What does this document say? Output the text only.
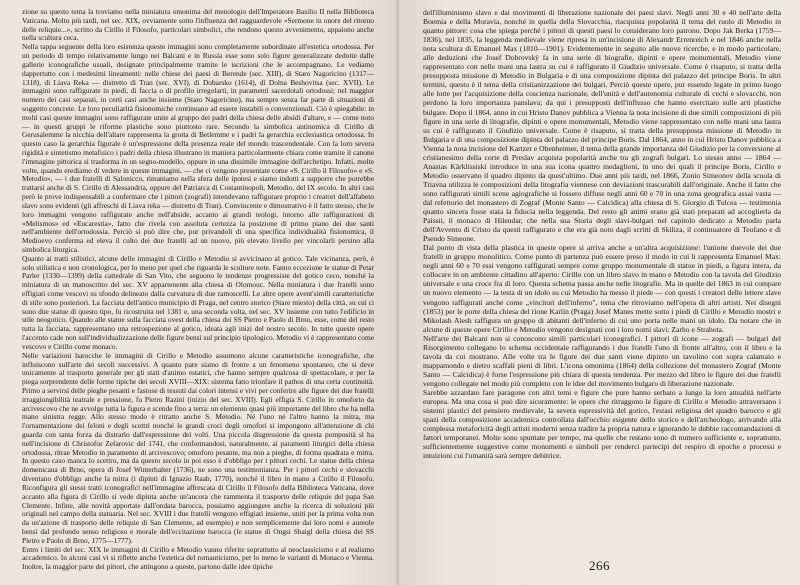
zione su questo tema la troviamo nella miniatura omonima del menologio dell'Imperatore Basilio II nella Biblioteca Vaticana. Molto più tardi, nel sec. XIX, ovviamente sotto l'influenza del ragguardevole «Sermone in onore del ritorno delle reliquie...», scritto da Cirillo il Filosofo, particolari simbolici, che rendono questo avvenimento, appaiono anche nella scultura ceca.

Nella tappa seguente della loro esistenza queste immagini sono completamente subordinate all'estetica ortodossa. Per un periodo di tempo relativamente lungo nei Balcani e in Russia esse sono solo figure generalizzate dedotte dalle gallerie iconografiche usuali, designate principalmente tramite le iscrizioni che le accompagnano. Le vediamo dappertutto con i medesimi lineamenti: nelle chiese dei paesi di Berende (sec. XIII), di Staro Nagoricino (1317—1318), di Liava Reka — distretto di Tran (sec. XVI), di Dobarsko (1614), di Dolna Beshovitsa (sec. XVII). Le immagini sono raffigurate in piedi, di faccia o di profilo irregolarti, in paramenti sacerdotali ortodossi; nel maggior numero dei casi separati, in certi casi anche insieme (Staro Nagoricino), ma sempre senza far parte di situazioni di soggetto concrete. Le loro peculiarità fisionomiche continuano ad essere instabili o convenzionali. Ciò è spiegabile: in molti casi queste immagini sono raffigurate unite al gruppo dei padri della chiesa delle absidi d'altare, e — come noto — in questi gruppi le riforme plastiche sono piuttosto rare. Secondo la simbolica antinomica di Cirillo di Gerusalemme la nicchia dell'altare rappresenta la grotta di Betlemme e i padri la gerarchia ecclesiastica ortodossa. In questo caso la gerarchia figurale è un'espressione della presenza reale del mondo trascendentale. Con la loro severa rigidità e sintetismo metafisico i padri della chiesa illustrano in maniera particolarmente chiara come tramite il canone l'immagine pittorica si trasforma in un segno-modello, oppure in una dissimile immagine dell'archetipo. Infatti, molte volte, quando erediamo di vedere in queste immagini, — che ci vengono presentate come «S. Cirillo il Filosofo» e «S. Metodio», — i due fratelli di Salonicco, rimaniamo nella sfera delle ipotesi e siamo indotti a supporre che potrebbe trattarsi anche di S. Cirillo di Alessandria, oppure del Patriarca di Costantinopoli, Metodio, del IX secolo. In altri casi però le prove indispensabili a confermare che i pittori (zografi) intendevano raffigurare proprio i creatori dell'alfabeto slavo sono evidenti (gli affreschi di Liava reka — distretto di Tran). Convincente e dimostrativo è il fatto stesso, che le loro immagini vengono raffigurate anche nell'abside, accanto ai grandi teologi, intorno alle raffigurazioni di «Melismos» ed «Eucarestia», fatto che rivela con assoluta certezza la posizione di primo piano dei due santi nell'ambiente dell'ortodossia. Perciò si può dire che, pur privandoli di una specifica individualità fisionomica, il Medioevo conferma ed eleva il culto dei due fratelli ad un nuovo, più elevato livello per vincolarli persino alla simbolica liturgica.

Quanto ai tratti stilistici, alcune delle immagini di Cirillo e Metodio si avvicinano al gotico. Tale vicinanza, però, è solo stilistica e non cronologica, per lo meno per quel che riguarda le sculture note. Fanno eccezione le statue di Petar Parler (1330—1399) della cattedrale di San Vito, che seguono le tendenze progressiste del gotico ceco, nonché la miniatura di un manoscritto del sec. XV appartenente alla chiesa di Olomouc. Nella miniatura i due fratelli sono effigiati come vescovi su sfondo delineato dalla curvatura di due ramoscelli. Le altre opere avent'simili caratteristiche di stile sono posteriori. La facciata dell'antico municipio di Praga, nel centro storico (Stare miesto) della città, su cui ci sono due statue di questo tipo, fu ricostruita nel 1381 e, una seconda volta, nel sec. XV insieme con tutto l'edificio in stile neogotico. Quando alle statue sulla facciata ovest della chiesa dei SS Pietro e Paolo di Brno, esse, come del resto tutta la facciata, rappresentano una retrospezione al gotico, ideata agli inizi del nostro secolo. In tutte queste opere l'accento cade non sull'individualizzazione delle figure bensì sul principio tipologico. Metodio vi è rappresentato come vescovo e Cirillo come monaco.

Nelle variazioni barocche le immagini di Cirillo e Metodio assumono alcune caratteristiche iconografiche, che influiscono sull'arte dei secoli successivi. A quanto pare siamo di fronte a un fenomeno spontaneo, che si deve unicamente al trasporto generale per gli stati d'animo estatici, che hanno sempre qualcosa di spettacolare, e per la piega sorprendente delle forme tipiche dei secoli XVIII—XIX: sistema fatto trionfare il pathos di una certa continuità. Primo a servirsi delle pieghe pesanti e fastose di tessuti dai colori intensi e vivi per conferire alle figure dei due fratelli irraggiungibilità teatrale e pressione, fu Pietro Razini (inizio del sec. XVIII). Egli effigia S. Cirillo in omoforio da arcivescovo che ne avvolge tutta la figura e scende fino a terra: un elemento quasi più importante del libro che ha nella mano sinistra regge. Allo stesso modo è ritratto anche S. Metodio. Né l'uno né l'altro hanno la mitra, ma l'ornamentazione dei feloni e degli scettri nonché le grandi croci degli omofori si impongono all'attenzione di chi guarda con tanta forza da distrarlo dall'espressione dei volti. Una piccola disgressione da questa pomposità si ha nell'incisione di Christofor Zefarovic del 1741, che conformandosi, naturalmente, ai paramenti liturgici della chiesa ortodossa, ritrae Metodio in paramento di arcivescovo; omoforo pesante, ma non a pieghe, di forma quadrata e mitra. In questo caso manca lo scettro, ma da questo secolo in poi esso è d'obbligo per i pittori cechi. Le statue della chiesa domenicana di Brno, opera di Josef Winterhalter (1736), ne sono una testimonianza. Per i pittori cechi e slovacchi diventano d'obbligo anche la mitra (i dipinti di Ignazio Raab, 1770), nonché il libro in mano a Cirillo il Filosofo. Riconfigura gli stessi tratti iconografici nell'immagine affrescata di Cirillo il Filosofo della Biblioteca Vaticana, dove accanto alla figura di Cirillo si vede dipinta anche un'ancora che rammenta il trasporto delle reliquie del papa San Clemente. Infine, alle novità apportate dall'ondata barocca, possiamo aggiungere anche la ricerca di soluzioni più originali nel campo della statuaria. Nel sec. XVIII i due fratelli vengono effigiati insieme, uniti per la prima volta non da un'azione di trasporto delle reliquie di San Clemente, ad esempio) e non semplicemente dai loro nomi e aureole bensì dal profondo senso religioso e morale dell'eccitazione barocca (le statue di Ongsi Shaigl della chiesa dei SS Pietro e Paolo di Brno, 1775—1777).

Entro i limiti del sec. XIX le immagini di Cirillo e Metodio vanno riferite soprattutto al neoclassicismo e al realismo accademico. In alcuni casi vi si riflette anche l'estetica del romanticismo, per lo meno le varianti di Monaco e Vienna. Inoltre, la maggior parte dei pittori, che attingono a queste, partono dalle idee tipiche

dell'illuminismo slavo e dai movimenti di liberazione nazionale dei paesi slavi. Negli anni 30 e 40 nell'arte della Boemia e della Moravia, nonché in quella della Slovacchia, riacquista popolarità il tema del ruolo di Metodio in quanto pittore: cosa che spiega perché i pittori di questi paesi lo considerano loro patrono. Dopo Jak Berka (1759—1836), nel 1835, la leggenda medievale viene ripresa in un'incisione di Alexandr Errenreich e nel 1846 anche nella nota scultura di Emanuel Max (1810—1901). Evidentemente in seguito alle nuove ricerche, e in modo particolare, alle deduzioni che Josef Dobrovský fa in una serie di biografie, dipinti e opere monumentali, Metodio viene rappresentato con nelle mani una lastra su cui è raffigurato il Giudizio universale. Come è risaputo, si tratta della presupposta missione di Metodio in Bulgaria e di una composizione dipinta del palazzo del principe Boris. In altri termini, questo è il tema della cristianizzazione dei bulgari. Perciò queste opere, pur essendo legate in primo luogo alle lotte per l'acquisizione della coscienza nazionale, dell'unità e dell'autonomia culturale di cechi e slovacchi, non perdono la loro importanza panslava; da qui i presupposti dell'influsso che hanno esercitato sulle arti plastiche bulgare. Dopo il 1864, anno in cui Hristo Danov pubblica a Vienna la nota incisione di due simili composizioni di più figure in una serie di litografie, dipinti e opere monumentali, Metodio viene rappresentato con nelle mani una lastra su cui è raffigurato il Giudizio universale. Come è risaputo, si tratta della presupposta missione di Metodio in Bulgaria e di una composizione dipinta del palazzo del principe Boris. Dal 1864, anno in cui Hristo Danov pubblica a Vienna la nota incisione del Kartzer e Obenheimer, il tema della grande importanza del Giudizio per la conversione al cristianesimo della corte di Preslav acquista popolarità anche tra gli zografi bulgari. Lo stesso anno — 1864 — Anastas Kärklissiski introduce in una sua icona quattro medaglioni, in uno dei quali il principe Boris, Cirillo e Metodio osservano il quadro dipinto da quest'ultimo. Due anni più tardi, nel 1866, Zonio Simeonov della scuola di Triavna utilizza le composizioni della litografia viennese con deviazioni trascurabili dall'originale. Anche il fatto che sono raffigurati simili scene agiografiche si fossero diffuse negli anni 60 e 70 in una zona geografica assai vasta — dal refettorio del monastero di Zograf (Monte Santo — Calcidica) alla chiesa di S. Giorgio di Tulcea — testimonia quanto sincera fosse stata la fiducia nella leggenda. Del resto gli animi erano già stati preparati ad accoglierla da Paissii, il monaco di Hilendar, che nella sua Storia degli slavi-bulgari nel capitolo dedicato a Metodio parla dell'Avvento di Cristo da questi raffigurato e che era già noto dagli scritti di Skiliza, il continuatore di Teofano e di Pseudo Simeone.

Dal punto di vista della plastica in queste opere si arriva anche a un'altra acquisizione: l'unione duevole dei due fratelli in gruppo monolitico. Come punto di partenza può essere preso il modo in cui li rappresenta Emanuel Max: negli anni 60 e 70 essi vengono raffigurati sempre come gruppo monumentale di statue in piedi, a figura intera, da collocare in un ambiente cittadino all'aperto: Cirillo con un libro slavo in mano e Metodio con la tavola del Giudizio universale e una croce fra di loro. Questa schema passa anche nelle litografie. Ma in quelle del 1863 in cui compare un nuovo elemento — la testa di un idolo su cui Metodio ha messo il piede — con questi i creatori delle lettere slave vengono raffigurati anche come „vincitori dell'inferno", tema che ritroviamo nell'opera di altri artisti. Nei disegni (1853) per le porte della chiesa del rione Karlín (Praga) Josef Manes mette sotto i piedi di Cirillo e Metodio mostri e Mikolash Alesh raffigura un gruppo di abitanti dell'inferno di cui uno porta nelle mani un idolo. Da notare che in alcune di queste opere Cirillo e Metodio vengono designati con i loro nomi slavi: Zarho e Strahota.

Nell'arte dei Balcani non si conoscono simili particolari iconografici. I pittori di icone — zografi — bulgari del Risorgimento collegano lo schema occidentale raffigurando i due fratelli l'uno di fronte all'altro, con il libro e la tavola da cui mostrano. Alle volte tra le figure dei due santi viene dipinto un tavolino con sopra calamaio e mappamondo e dietro scaffali pieni di libri. L'icona omonima (1864) della collezione del monastero Zograf (Monte Santo — Calcidica) è forse l'espressione più chiara di questa tendenza. Per mezzo del libro le figure dei due fratelli vengono collegate nel modo più completo con le idee del movimento bulgaro di liberazione nazionale.

Sarebbe azzardato fare paragone con altri temi e figure che pure hanno serbato a lungo la loro attualità nell'arte europea. Ma una cosa si può dire sicuramente: le opere che ritraggono le figure di Cirillo e Metodio attraversano i sistemi plastici del pensiero medievale, la severa espressività del gotico, l'estasi religiosa del quadro barocco e gli spazi della composizione accademica controllata dall'occhio esigente dello storico e dell'archeologo, arrivando alla complessa metaforicità degli artisti moderni senza tradire la propria natura e ignorando le dubbie raccomandazioni di fattori temporanei. Molte sono spuntate per tempo, ma quelle che restano sono di numero sufficiente e, soprattutto, sufficientemente suggestive come monumenti e simboli per renderci partecipi del respiro di epoche e processi e intuizioni cui l'umanità sarà sempre debitrice.

266
